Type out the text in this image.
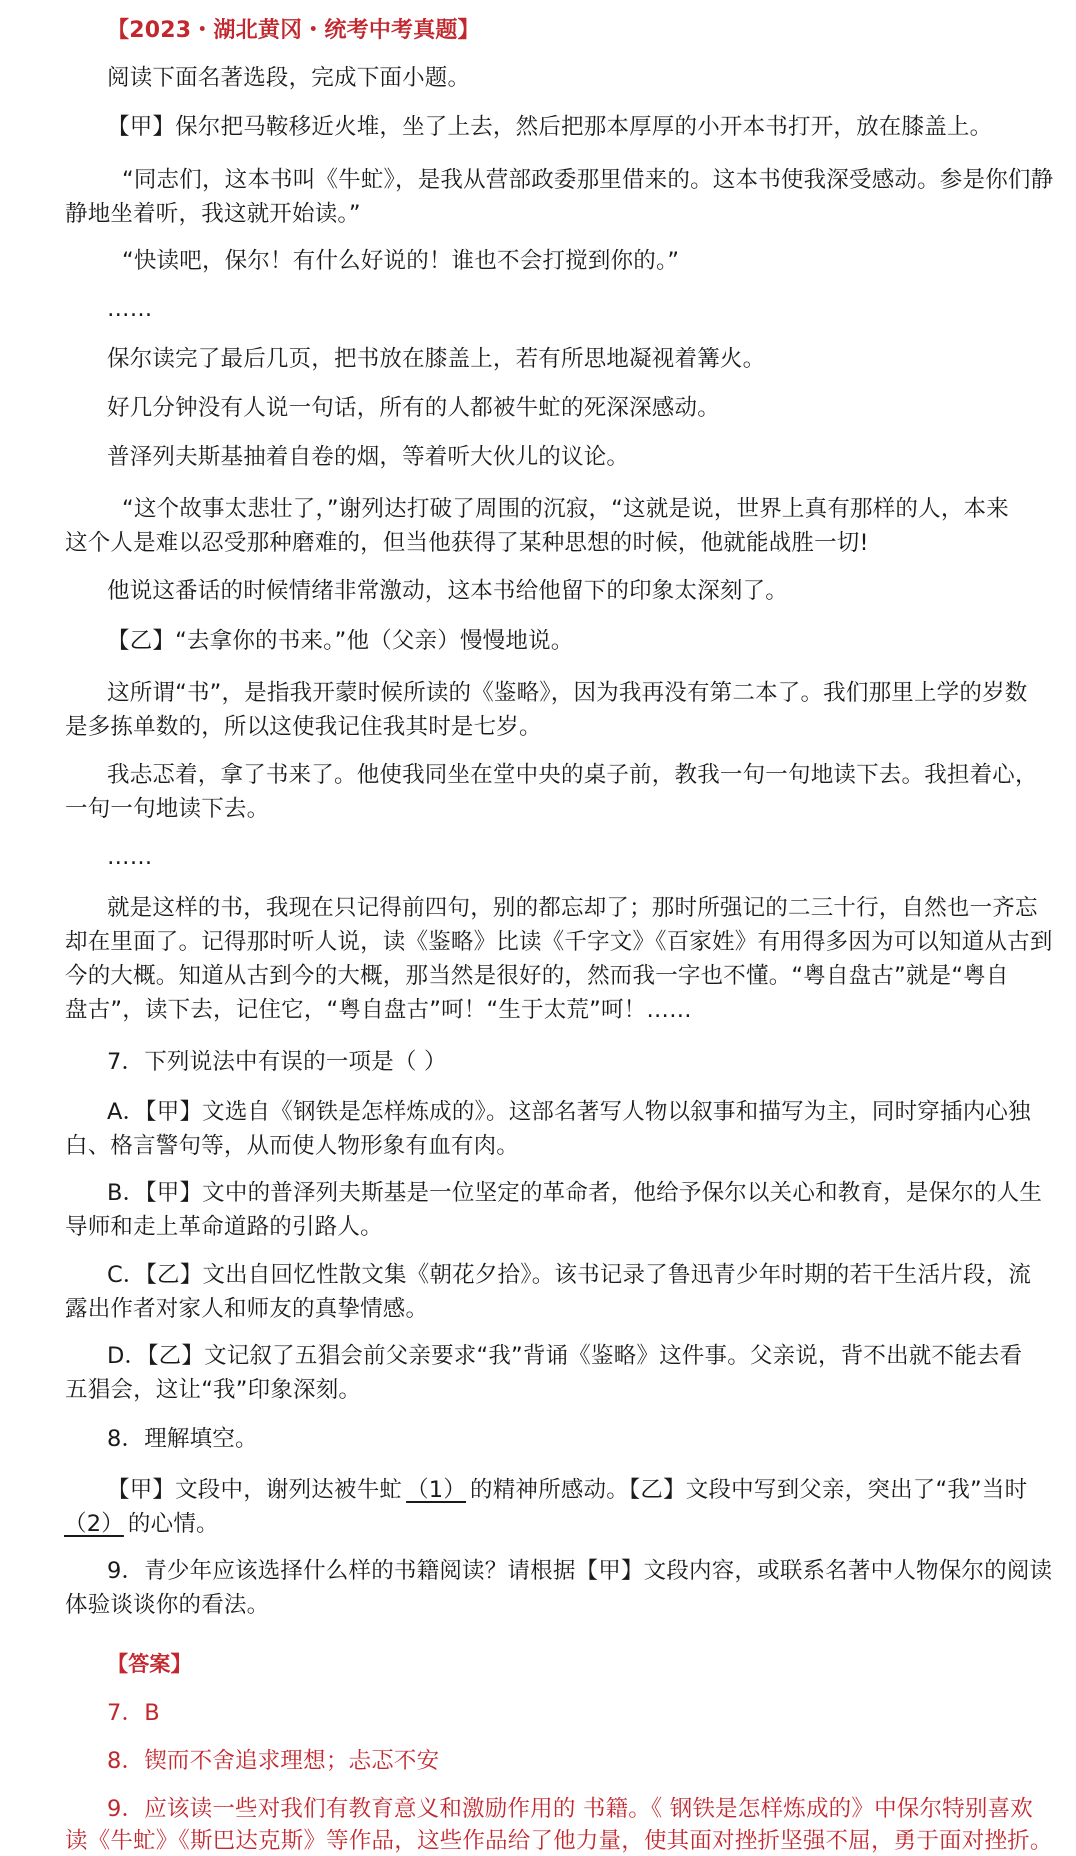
【2023・湖北黄冈・统考中考真题】
阅读下面名著选段，完成下面小题。
【甲】保尔把马鞍移近火堆，坐了上去，然后把那本厚厚的小开本书打开，放在膝盖上。
“同志们，这本书叫《牛虻》，是我从营部政委那里借来的。这本书使我深受感动。参是你们静
静地坐着听，我这就开始读。”
“快读吧，保尔！有什么好说的！谁也不会打搅到你的。”
……
保尔读完了最后几页，把书放在膝盖上，若有所思地凝视着篝火。
好几分钟没有人说一句话，所有的人都被牛虻的死深深感动。
普泽列夫斯基抽着自卷的烟，等着听大伙儿的议论。
“这个故事太悲壮了，”谢列达打破了周围的沉寂，“这就是说，世界上真有那样的人，本来
这个人是难以忍受那种磨难的，但当他获得了某种思想的时候，他就能战胜一切!
他说这番话的时候情绪非常激动，这本书给他留下的印象太深刻了。
【乙】“去拿你的书来。”他（父亲）慢慢地说。
这所谓“书”，是指我开蒙时候所读的《鉴略》，因为我再没有第二本了。我们那里上学的岁数
是多拣单数的，所以这使我记住我其时是七岁。
我忐忑着，拿了书来了。他使我同坐在堂中央的桌子前，教我一句一句地读下去。我担着心，
一句一句地读下去。
……
就是这样的书，我现在只记得前四句，别的都忘却了；那时所强记的二三十行，自然也一齐忘
却在里面了。记得那时听人说，读《鉴略》比读《千字文》《百家姓》有用得多因为可以知道从古到
今的大概。知道从古到今的大概，那当然是很好的，然而我一字也不懂。“粤自盘古”就是“粤自
盘古”，读下去，记住它，“粤自盘古”呵！“生于太荒”呵！……
7．下列说法中有误的一项是（ ）
A．【甲】文选自《钢铁是怎样炼成的》。这部名著写人物以叙事和描写为主，同时穿插内心独
白、格言警句等，从而使人物形象有血有肉。
B．【甲】文中的普泽列夫斯基是一位坚定的革命者，他给予保尔以关心和教育，是保尔的人生
导师和走上革命道路的引路人。
C．【乙】文出自回忆性散文集《朝花夕拾》。该书记录了鲁迅青少年时期的若干生活片段，流
露出作者对家人和师友的真挚情感。
D．【乙】文记叙了五猖会前父亲要求“我”背诵《鉴略》这件事。父亲说，背不出就不能去看
五猖会，这让“我”印象深刻。
8．理解填空。
【甲】文段中，谢列达被牛虻 （1） 的精神所感动。【乙】文段中写到父亲，突出了“我”当时
（2） 的心情。
9．青少年应该选择什么样的书籍阅读？请根据【甲】文段内容，或联系名著中人物保尔的阅读
体验谈谈你的看法。
【答案】
7．B
8．锲而不舍追求理想；忐忑不安
9．应该读一些对我们有教育意义和激励作用的 书籍。《 钢铁是怎样炼成的》中保尔特别喜欢
读《牛虻》《斯巴达克斯》等作品，这些作品给了他力量，使其面对挫折坚强不屈，勇于面对挫折。
